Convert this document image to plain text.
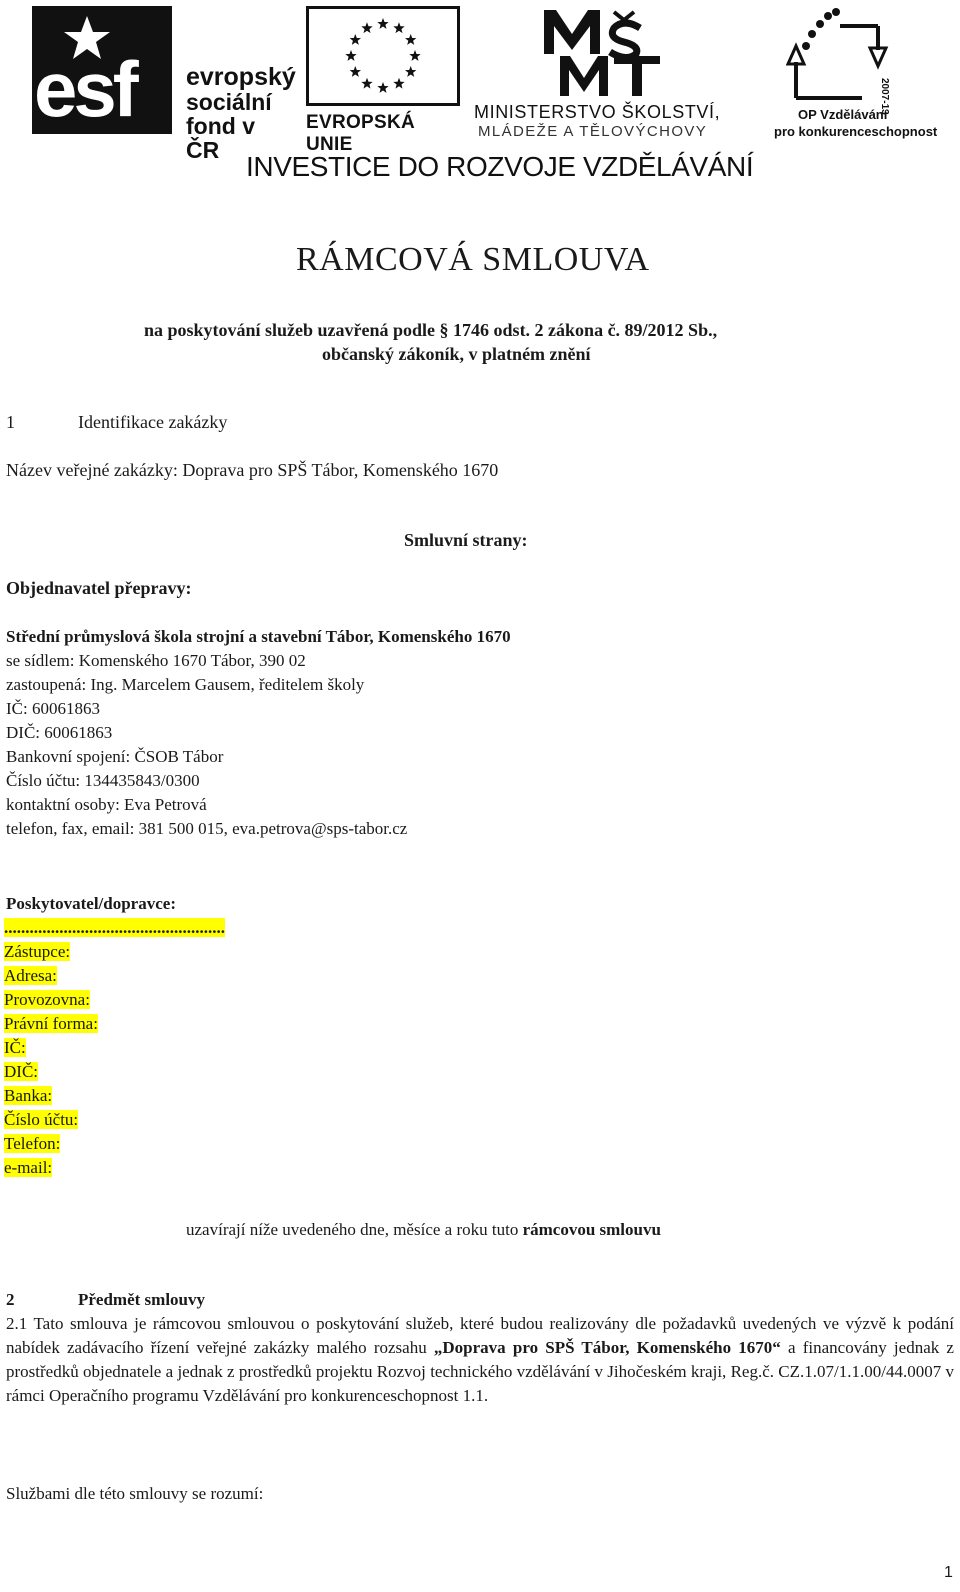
esf evropský
sociální
fond v ČR
EVROPSKÁ UNIE
MINISTERSTVO ŠKOLSTVÍ,
MLÁDEŽE A TĚLOVÝCHOVY
2007-13
OP Vzdělávání
pro konkurenceschopnost
INVESTICE DO ROZVOJE VZDĚLÁVÁNÍ
RÁMCOVÁ SMLOUVA
na poskytování služeb uzavřená podle § 1746 odst. 2 zákona č. 89/2012 Sb.,
občanský zákoník, v platném znění
1	Identifikace zakázky
Název veřejné zakázky: Doprava pro SPŠ Tábor, Komenského 1670
Smluvní strany:
Objednavatel přepravy:
Střední průmyslová škola strojní a stavební Tábor, Komenského 1670
se sídlem: Komenského 1670 Tábor, 390 02
zastoupená: Ing. Marcelem Gausem, ředitelem školy
IČ: 60061863
DIČ: 60061863
Bankovní spojení: ČSOB Tábor
Číslo účtu: 134435843/0300
kontaktní osoby: Eva Petrová
telefon, fax, email: 381 500 015, eva.petrova@sps-tabor.cz
Poskytovatel/dopravce:
....................................................
Zástupce:
Adresa:
Provozovna:
Právní forma:
IČ:
DIČ:
Banka:
Číslo účtu:
Telefon:
e-mail:
uzavírají níže uvedeného dne, měsíce a roku tuto rámcovou smlouvu
2	Předmět smlouvy
2.1 Tato smlouva je rámcovou smlouvou o poskytování služeb, které budou realizovány dle požadavků uvedených ve výzvě k podání nabídek zadávacího řízení veřejné zakázky malého rozsahu „Doprava pro SPŠ Tábor, Komenského 1670“ a financovány jednak z prostředků objednatele a jednak z prostředků projektu Rozvoj technického vzdělávání v Jihočeském kraji, Reg.č. CZ.1.07/1.1.00/44.0007 v rámci Operačního programu Vzdělávání pro konkurenceschopnost 1.1.
Službami dle této smlouvy se rozumí:
1
